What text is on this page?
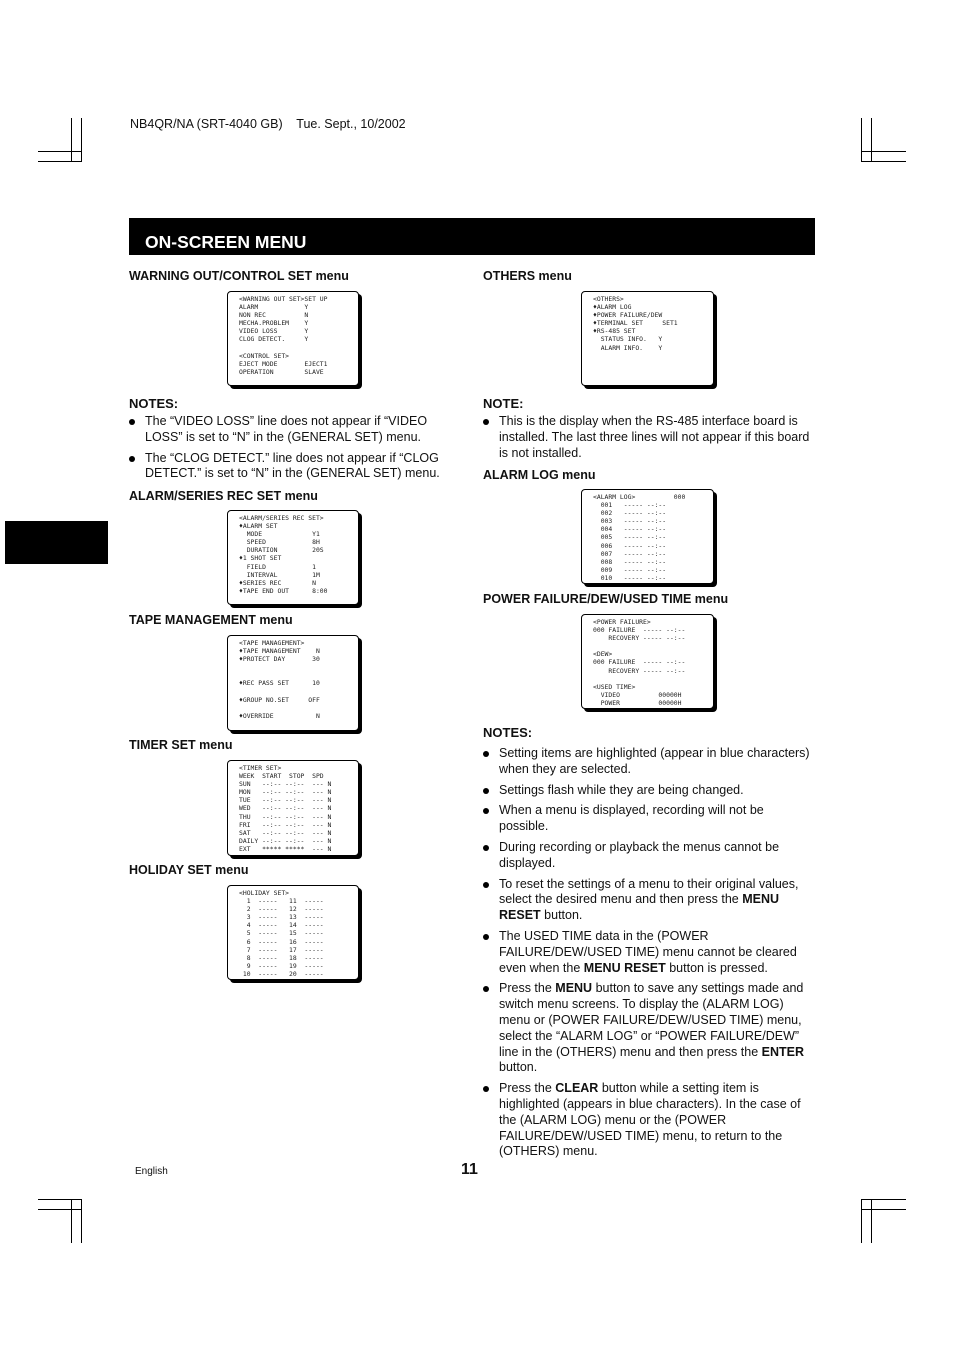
NB4QR/NA (SRT-4040 GB)    Tue. Sept., 10/2002
ON-SCREEN MENU
WARNING OUT/CONTROL SET menu
<WARNING OUT SET>SET UP
ALARM            Y
NON REC          N
MECHA.PROBLEM    Y
VIDEO LOSS       Y
CLOG DETECT.     Y
<CONTROL SET>
EJECT MODE       EJECT1
OPERATION        SLAVE
NOTES:
The “VIDEO LOSS” line does not appear if “VIDEO LOSS” is set to “N” in the (GENERAL SET) menu.
The “CLOG DETECT.” line does not appear if “CLOG DETECT.” is set to “N” in the (GENERAL SET) menu.
ALARM/SERIES REC SET menu
<ALARM/SERIES REC SET>
♦ALARM SET
MODE             Y1
SPEED            8H
DURATION         20S
♦1 SHOT SET
FIELD            1
INTERVAL         1M
♦SERIES REC        N
♦TAPE END OUT      8:00
TAPE MANAGEMENT menu
<TAPE MANAGEMENT>
♦TAPE MANAGEMENT    N
♦PROTECT DAY       30
♦REC PASS SET      10
♦GROUP NO.SET     OFF
♦OVERRIDE           N
TIMER SET menu
<TIMER SET>
WEEK  START  STOP  SPD
SUN   --:-- --:--  --- N
MON   --:-- --:--  --- N
TUE   --:-- --:--  --- N
WED   --:-- --:--  --- N
THU   --:-- --:--  --- N
FRI   --:-- --:--  --- N
SAT   --:-- --:--  --- N
DAILY --:-- --:--  --- N
EXT   ***** *****  --- N
HOLIDAY SET menu
<HOLIDAY SET>
1  -----   11  -----
2  -----   12  -----
3  -----   13  -----
4  -----   14  -----
5  -----   15  -----
6  -----   16  -----
7  -----   17  -----
8  -----   18  -----
9  -----   19  -----
10  -----   20  -----
OTHERS menu
<OTHERS>
♦ALARM LOG
♦POWER FAILURE/DEW
♦TERMINAL SET     SET1
♦RS-485 SET
STATUS INFO.   Y
ALARM INFO.    Y
NOTE:
This is the display when the RS-485 interface board is installed. The last three lines will not appear if this board is not installed.
ALARM LOG menu
<ALARM LOG>          000
001   ----- --:--
002   ----- --:--
003   ----- --:--
004   ----- --:--
005   ----- --:--
006   ----- --:--
007   ----- --:--
008   ----- --:--
009   ----- --:--
010   ----- --:--
POWER FAILURE/DEW/USED TIME menu
<POWER FAILURE>
000 FAILURE  ----- --:--
RECOVERY ----- --:--
<DEW>
000 FAILURE  ----- --:--
RECOVERY ----- --:--
<USED TIME>
VIDEO          00000H
POWER          00000H
NOTES:
Setting items are highlighted (appear in blue characters) when they are selected.
Settings flash while they are being changed.
When a menu is displayed, recording will not be possible.
During recording or playback the menus cannot be displayed.
To reset the settings of a menu to their original values, select the desired menu and then press the MENU RESET button.
The USED TIME data in the (POWER FAILURE/DEW/USED TIME) menu cannot be cleared even when the MENU RESET button is pressed.
Press the MENU button to save any settings made and switch menu screens. To display the (ALARM LOG) menu or (POWER FAILURE/DEW/USED TIME) menu, select the “ALARM LOG” or “POWER FAILURE/DEW” line in the (OTHERS) menu and then press the ENTER button.
Press the CLEAR button while a setting item is highlighted (appears in blue characters). In the case of the (ALARM LOG) menu or the (POWER FAILURE/DEW/USED TIME) menu, to return to the (OTHERS) menu.
English	11
